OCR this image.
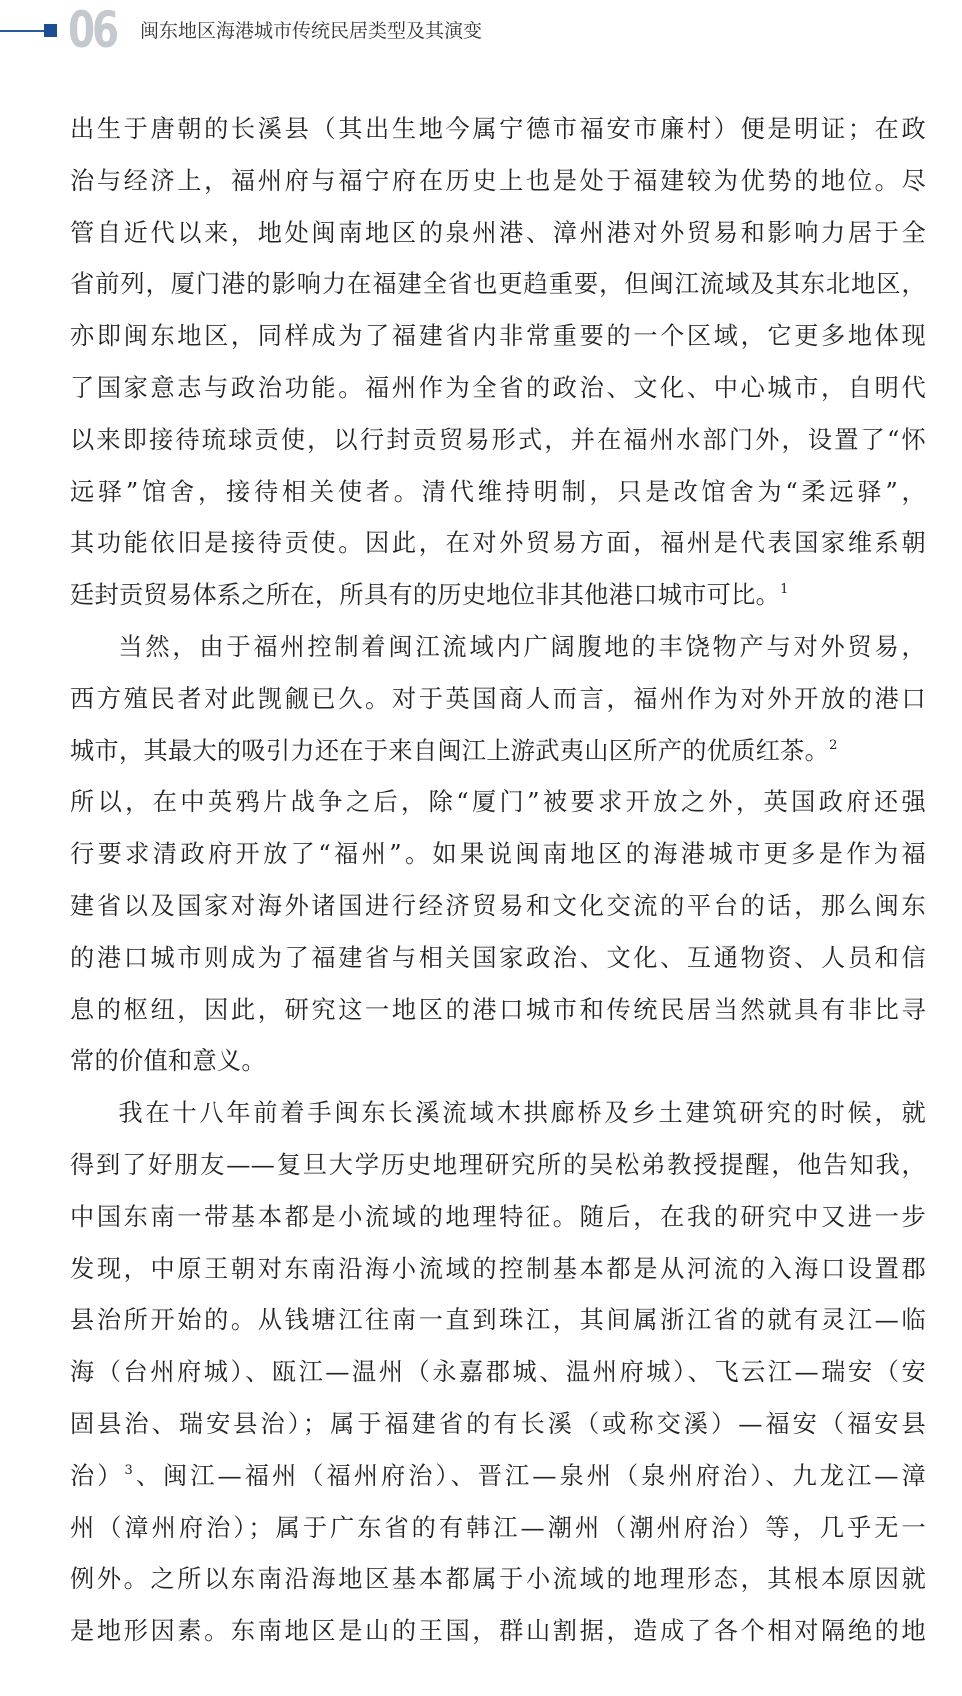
06 闽东地区海港城市传统民居类型及其演变

出生于唐朝的长溪县（其出生地今属宁德市福安市廉村）便是明证；在政
治与经济上，福州府与福宁府在历史上也是处于福建较为优势的地位。尽
管自近代以来，地处闽南地区的泉州港、漳州港对外贸易和影响力居于全
省前列，厦门港的影响力在福建全省也更趋重要，但闽江流域及其东北地区，
亦即闽东地区，同样成为了福建省内非常重要的一个区域，它更多地体现
了国家意志与政治功能。福州作为全省的政治、文化、中心城市，自明代
以来即接待琉球贡使，以行封贡贸易形式，并在福州水部门外，设置了“怀
远驿”馆舍，接待相关使者。清代维持明制，只是改馆舍为“柔远驿”，
其功能依旧是接待贡使。因此，在对外贸易方面，福州是代表国家维系朝
廷封贡贸易体系之所在，所具有的历史地位非其他港口城市可比。$^1$

当然，由于福州控制着闽江流域内广阔腹地的丰饶物产与对外贸易，
西方殖民者对此觊觎已久。对于英国商人而言，福州作为对外开放的港口
城市，其最大的吸引力还在于来自闽江上游武夷山区所产的优质红茶。$^2$
所以，在中英鸦片战争之后，除“厦门”被要求开放之外，英国政府还强
行要求清政府开放了“福州”。如果说闽南地区的海港城市更多是作为福
建省以及国家对海外诸国进行经济贸易和文化交流的平台的话，那么闽东
的港口城市则成为了福建省与相关国家政治、文化、互通物资、人员和信
息的枢纽，因此，研究这一地区的港口城市和传统民居当然就具有非比寻
常的价值和意义。

我在十八年前着手闽东长溪流域木拱廊桥及乡土建筑研究的时候，就
得到了好朋友——复旦大学历史地理研究所的吴松弟教授提醒，他告知我，
中国东南一带基本都是小流域的地理特征。随后，在我的研究中又进一步
发现，中原王朝对东南沿海小流域的控制基本都是从河流的入海口设置郡
县治所开始的。从钱塘江往南一直到珠江，其间属浙江省的就有灵江—临
海（台州府城）、瓯江—温州（永嘉郡城、温州府城）、飞云江—瑞安（安
固县治、瑞安县治）；属于福建省的有长溪（或称交溪）—福安（福安县
治）$^3$、闽江—福州（福州府治）、晋江—泉州（泉州府治）、九龙江—漳
州（漳州府治）；属于广东省的有韩江—潮州（潮州府治）等，几乎无一
例外。之所以东南沿海地区基本都属于小流域的地理形态，其根本原因就
是地形因素。东南地区是山的王国，群山割据，造成了各个相对隔绝的地
